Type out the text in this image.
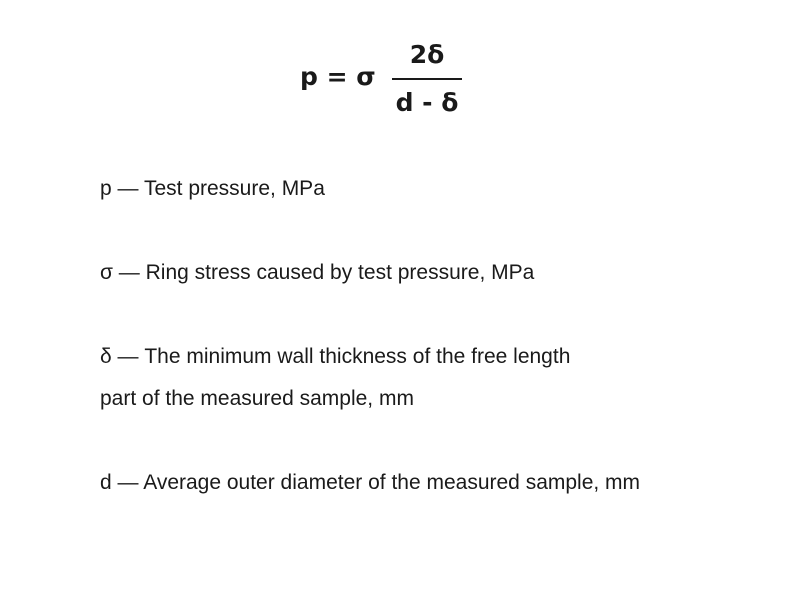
p = σ
2δ
d - δ
p — Test pressure, MPa
σ — Ring stress caused by test pressure, MPa
δ — The minimum wall thickness of the free length
part of the measured sample, mm
d — Average outer diameter of the measured sample, mm
